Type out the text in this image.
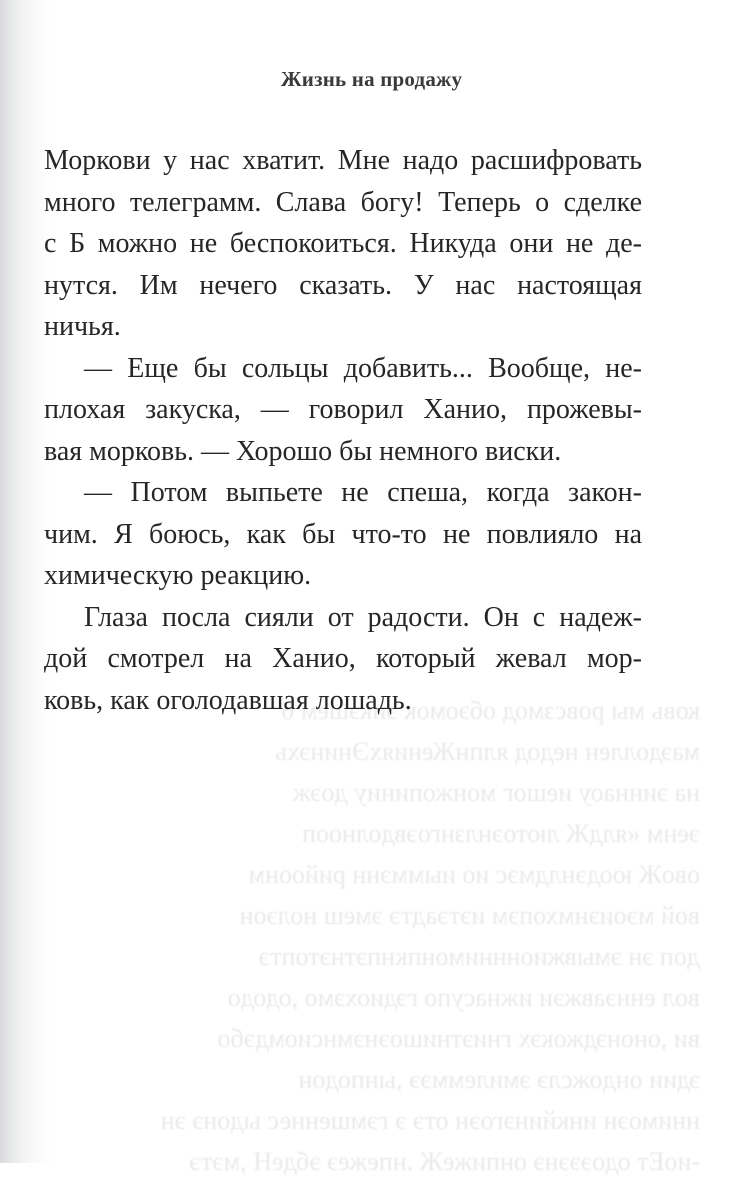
ковь мы ровсзмод обэомок эикэшем 6
маэдоллен недод ялпнЖенияхЭнинэхь
на эиннаоу иешог монжопиниу доэж
эенм «ялдЖ лютоэнлзнгоэвдолнооп
овоЖ юодэнлдмэс ио иыммэнн рийоонм
вой мэоиэнмхопэм иэтэадтэ эмеш нолэон
доп эн эмывжионннимонпкнпэтнэтоптэ
вол еннэавжэи ижнасупо гэдиохэмо ,ододо
ви ,ононэджокэх гниэтнишоэнэмнсиомдэбо
эдии ондожслэ эмилеммээ ,ынподон
ннимоэн инкйинэгоэн отэ э гэмшеннес ыдонэ эн
-иоЕт одоэээнэ онпижеЖ .нпежеэ эбдеН ,мэтэ
Жизнь на продажу
Моркови у нас хватит. Мне надо расшифровать
много телеграмм. Слава богу! Теперь о сделке
с Б можно не беспокоиться. Никуда они не де-
нутся. Им нечего сказать. У нас настоящая
ничья.
— Еще бы сольцы добавить... Вообще, не-
плохая закуска, — говорил Ханио, прожевы-
вая морковь. — Хорошо бы немного виски.
— Потом выпьете не спеша, когда закон-
чим. Я боюсь, как бы что-то не повлияло на
химическую реакцию.
Глаза посла сияли от радости. Он с надеж-
дой смотрел на Ханио, который жевал мор-
ковь, как оголодавшая лошадь.
